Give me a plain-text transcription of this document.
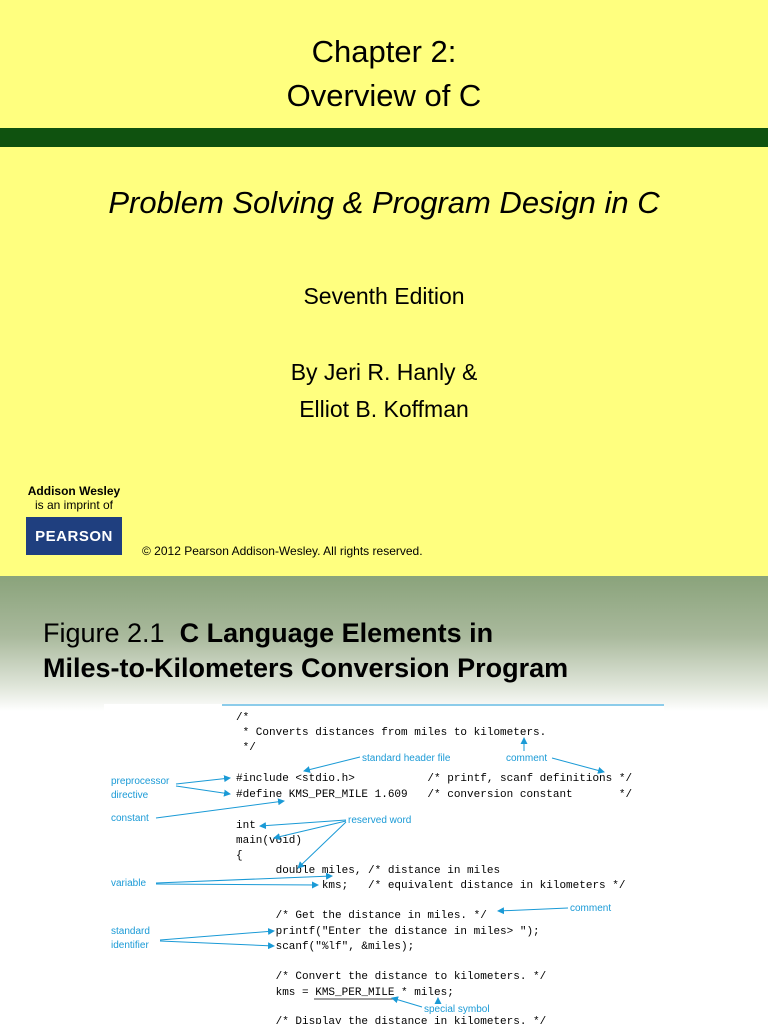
Chapter 2:
Overview of C
Problem Solving & Program Design in C
Seventh Edition
By Jeri R. Hanly &
Elliot B. Koffman
Addison Wesley
is an imprint of
PEARSON
© 2012 Pearson Addison-Wesley. All rights reserved.
Figure 2.1 C Language Elements in
Miles-to-Kilometers Conversion Program
/*
* Converts distances from miles to kilometers.
*/
#include <stdio.h>           /* printf, scanf definitions */
#define KMS_PER_MILE 1.609   /* conversion constant       */
int
main(void)
{
double miles, /* distance in miles
kms;   /* equivalent distance in kilometers */
/* Get the distance in miles. */
printf("Enter the distance in miles> ");
scanf("%lf", &miles);
/* Convert the distance to kilometers. */
kms = KMS_PER_MILE * miles;
/* Display the distance in kilometers. */
standard header file	comment
preprocessor
directive
constant	reserved word
variable
comment
standard
identifier
special symbol
